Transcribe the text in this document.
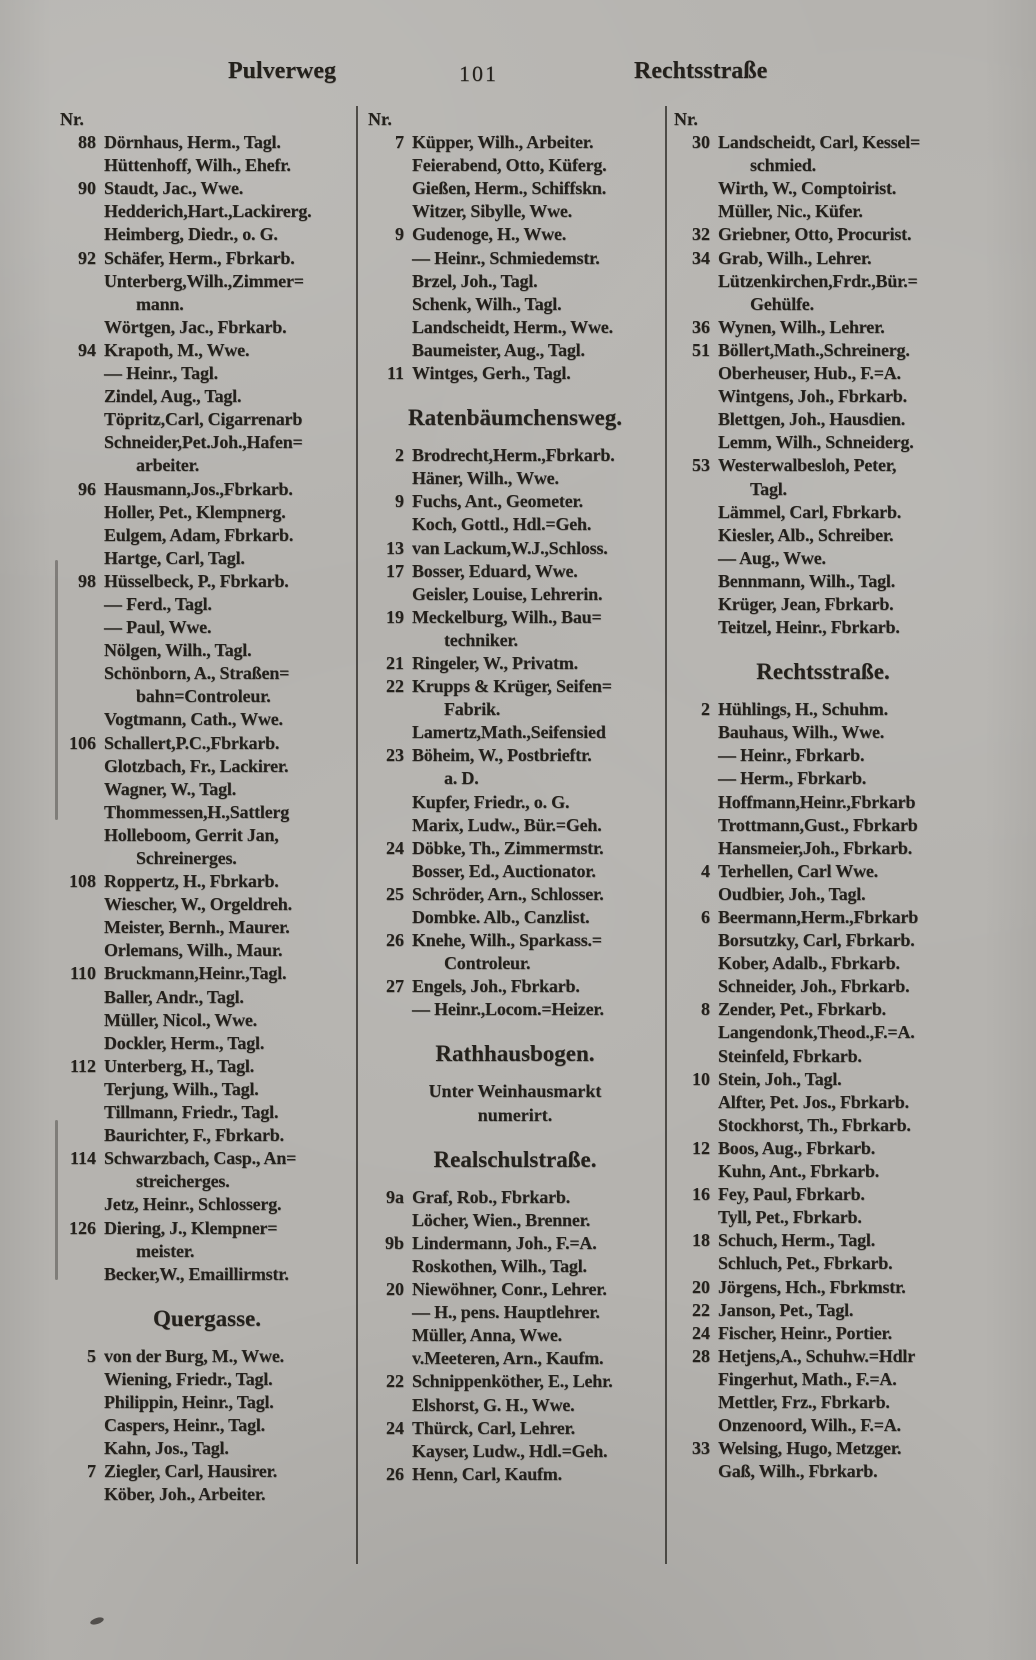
Pulverweg	101	Rechtsstraße
Nr.
88 Dörnhaus, Herm., Tagl.
Hüttenhoff, Wilh., Ehefr.
90 Staudt, Jac., Wwe.
Hedderich,Hart.,Lackirerg.
Heimberg, Diedr., o. G.
92 Schäfer, Herm., Fbrkarb.
Unterberg,Wilh.,Zimmer=
mann.
Wörtgen, Jac., Fbrkarb.
94 Krapoth, M., Wwe.
— Heinr., Tagl.
Zindel, Aug., Tagl.
Töpritz,Carl, Cigarrenarb
Schneider,Pet.Joh.,Hafen=
arbeiter.
96 Hausmann,Jos.,Fbrkarb.
Holler, Pet., Klempnerg.
Eulgem, Adam, Fbrkarb.
Hartge, Carl, Tagl.
98 Hüsselbeck, P., Fbrkarb.
— Ferd., Tagl.
— Paul, Wwe.
Nölgen, Wilh., Tagl.
Schönborn, A., Straßen=
bahn=Controleur.
Vogtmann, Cath., Wwe.
106 Schallert,P.C.,Fbrkarb.
Glotzbach, Fr., Lackirer.
Wagner, W., Tagl.
Thommessen,H.,Sattlerg
Holleboom, Gerrit Jan,
Schreinerges.
108 Roppertz, H., Fbrkarb.
Wiescher, W., Orgeldreh.
Meister, Bernh., Maurer.
Orlemans, Wilh., Maur.
110 Bruckmann,Heinr.,Tagl.
Baller, Andr., Tagl.
Müller, Nicol., Wwe.
Dockler, Herm., Tagl.
112 Unterberg, H., Tagl.
Terjung, Wilh., Tagl.
Tillmann, Friedr., Tagl.
Baurichter, F., Fbrkarb.
114 Schwarzbach, Casp., An=
streicherges.
Jetz, Heinr., Schlosserg.
126 Diering, J., Klempner=
meister.
Becker,W., Emaillirmstr.
Quergasse.
5 von der Burg, M., Wwe.
Wiening, Friedr., Tagl.
Philippin, Heinr., Tagl.
Caspers, Heinr., Tagl.
Kahn, Jos., Tagl.
7 Ziegler, Carl, Hausirer.
Köber, Joh., Arbeiter.
Nr.
7 Küpper, Wilh., Arbeiter.
Feierabend, Otto, Küferg.
Gießen, Herm., Schiffskn.
Witzer, Sibylle, Wwe.
9 Gudenoge, H., Wwe.
— Heinr., Schmiedemstr.
Brzel, Joh., Tagl.
Schenk, Wilh., Tagl.
Landscheidt, Herm., Wwe.
Baumeister, Aug., Tagl.
11 Wintges, Gerh., Tagl.
Ratenbäumchensweg.
2 Brodrecht,Herm.,Fbrkarb.
Häner, Wilh., Wwe.
9 Fuchs, Ant., Geometer.
Koch, Gottl., Hdl.=Geh.
13 van Lackum,W.J.,Schloss.
17 Bosser, Eduard, Wwe.
Geisler, Louise, Lehrerin.
19 Meckelburg, Wilh., Bau=
techniker.
21 Ringeler, W., Privatm.
22 Krupps & Krüger, Seifen=
Fabrik.
Lamertz,Math.,Seifensied
23 Böheim, W., Postbrieftr.
a. D.
Kupfer, Friedr., o. G.
Marix, Ludw., Bür.=Geh.
24 Döbke, Th., Zimmermstr.
Bosser, Ed., Auctionator.
25 Schröder, Arn., Schlosser.
Dombke. Alb., Canzlist.
26 Knehe, Wilh., Sparkass.=
Controleur.
27 Engels, Joh., Fbrkarb.
— Heinr.,Locom.=Heizer.
Rathhausbogen.
Unter Weinhausmarkt
numerirt.
Realschulstraße.
9a Graf, Rob., Fbrkarb.
Löcher, Wien., Brenner.
9b Lindermann, Joh., F.=A.
Roskothen, Wilh., Tagl.
20 Niewöhner, Conr., Lehrer.
— H., pens. Hauptlehrer.
Müller, Anna, Wwe.
v.Meeteren, Arn., Kaufm.
22 Schnippenköther, E., Lehr.
Elshorst, G. H., Wwe.
24 Thürck, Carl, Lehrer.
Kayser, Ludw., Hdl.=Geh.
26 Henn, Carl, Kaufm.
Nr.
30 Landscheidt, Carl, Kessel=
schmied.
Wirth, W., Comptoirist.
Müller, Nic., Küfer.
32 Griebner, Otto, Procurist.
34 Grab, Wilh., Lehrer.
Lützenkirchen,Frdr.,Bür.=
Gehülfe.
36 Wynen, Wilh., Lehrer.
51 Böllert,Math.,Schreinerg.
Oberheuser, Hub., F.=A.
Wintgens, Joh., Fbrkarb.
Blettgen, Joh., Hausdien.
Lemm, Wilh., Schneiderg.
53 Westerwalbesloh, Peter,
Tagl.
Lämmel, Carl, Fbrkarb.
Kiesler, Alb., Schreiber.
— Aug., Wwe.
Bennmann, Wilh., Tagl.
Krüger, Jean, Fbrkarb.
Teitzel, Heinr., Fbrkarb.
Rechtsstraße.
2 Hühlings, H., Schuhm.
Bauhaus, Wilh., Wwe.
— Heinr., Fbrkarb.
— Herm., Fbrkarb.
Hoffmann,Heinr.,Fbrkarb
Trottmann,Gust., Fbrkarb
Hansmeier,Joh., Fbrkarb.
4 Terhellen, Carl Wwe.
Oudbier, Joh., Tagl.
6 Beermann,Herm.,Fbrkarb
Borsutzky, Carl, Fbrkarb.
Kober, Adalb., Fbrkarb.
Schneider, Joh., Fbrkarb.
8 Zender, Pet., Fbrkarb.
Langendonk,Theod.,F.=A.
Steinfeld, Fbrkarb.
10 Stein, Joh., Tagl.
Alfter, Pet. Jos., Fbrkarb.
Stockhorst, Th., Fbrkarb.
12 Boos, Aug., Fbrkarb.
Kuhn, Ant., Fbrkarb.
16 Fey, Paul, Fbrkarb.
Tyll, Pet., Fbrkarb.
18 Schuch, Herm., Tagl.
Schluch, Pet., Fbrkarb.
20 Jörgens, Hch., Fbrkmstr.
22 Janson, Pet., Tagl.
24 Fischer, Heinr., Portier.
28 Hetjens,A., Schuhw.=Hdlr
Fingerhut, Math., F.=A.
Mettler, Frz., Fbrkarb.
Onzenoord, Wilh., F.=A.
33 Welsing, Hugo, Metzger.
Gaß, Wilh., Fbrkarb.
